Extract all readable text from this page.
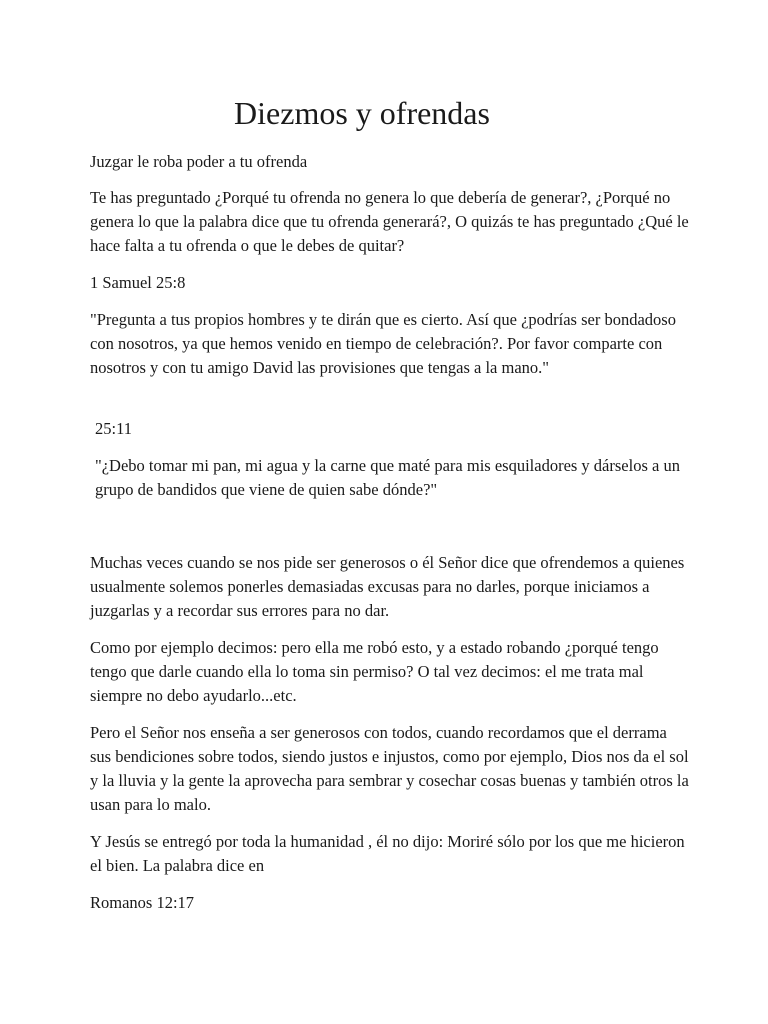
Diezmos y ofrendas

Juzgar le roba poder a tu ofrenda

Te has preguntado ¿Porqué tu ofrenda no genera lo que debería de generar?, ¿Porqué no genera lo que la palabra dice que tu ofrenda generará?, O quizás te has preguntado ¿Qué le hace falta a tu ofrenda o que le debes de quitar?

1 Samuel 25:8

"Pregunta a tus propios hombres y te dirán que es cierto. Así que ¿podrías ser bondadoso con nosotros, ya que hemos venido en tiempo de celebración?. Por favor comparte con nosotros y con tu amigo David las provisiones que tengas a la mano."

25:11

"¿Debo tomar mi pan, mi agua y la carne que maté para mis esquiladores y dárselos a un grupo de bandidos que viene de quien sabe dónde?"

Muchas veces cuando se nos pide ser generosos o él Señor dice que ofrendemos a quienes usualmente solemos ponerles demasiadas excusas para no darles, porque iniciamos a juzgarlas y a recordar sus errores para no dar.

Como por ejemplo decimos: pero ella me robó esto, y a estado robando ¿porqué tengo tengo que darle cuando ella lo toma sin permiso? O tal vez decimos: el me trata mal siempre no debo ayudarlo...etc.

Pero el Señor nos enseña a ser generosos con todos, cuando recordamos que el derrama sus bendiciones sobre todos, siendo justos e injustos, como por ejemplo, Dios nos da el sol y la lluvia y la gente la aprovecha para sembrar y cosechar cosas buenas y también otros la usan para lo malo.

Y Jesús se entregó por toda la humanidad , él no dijo: Moriré sólo por los que me hicieron el bien. La palabra dice en

Romanos 12:17
